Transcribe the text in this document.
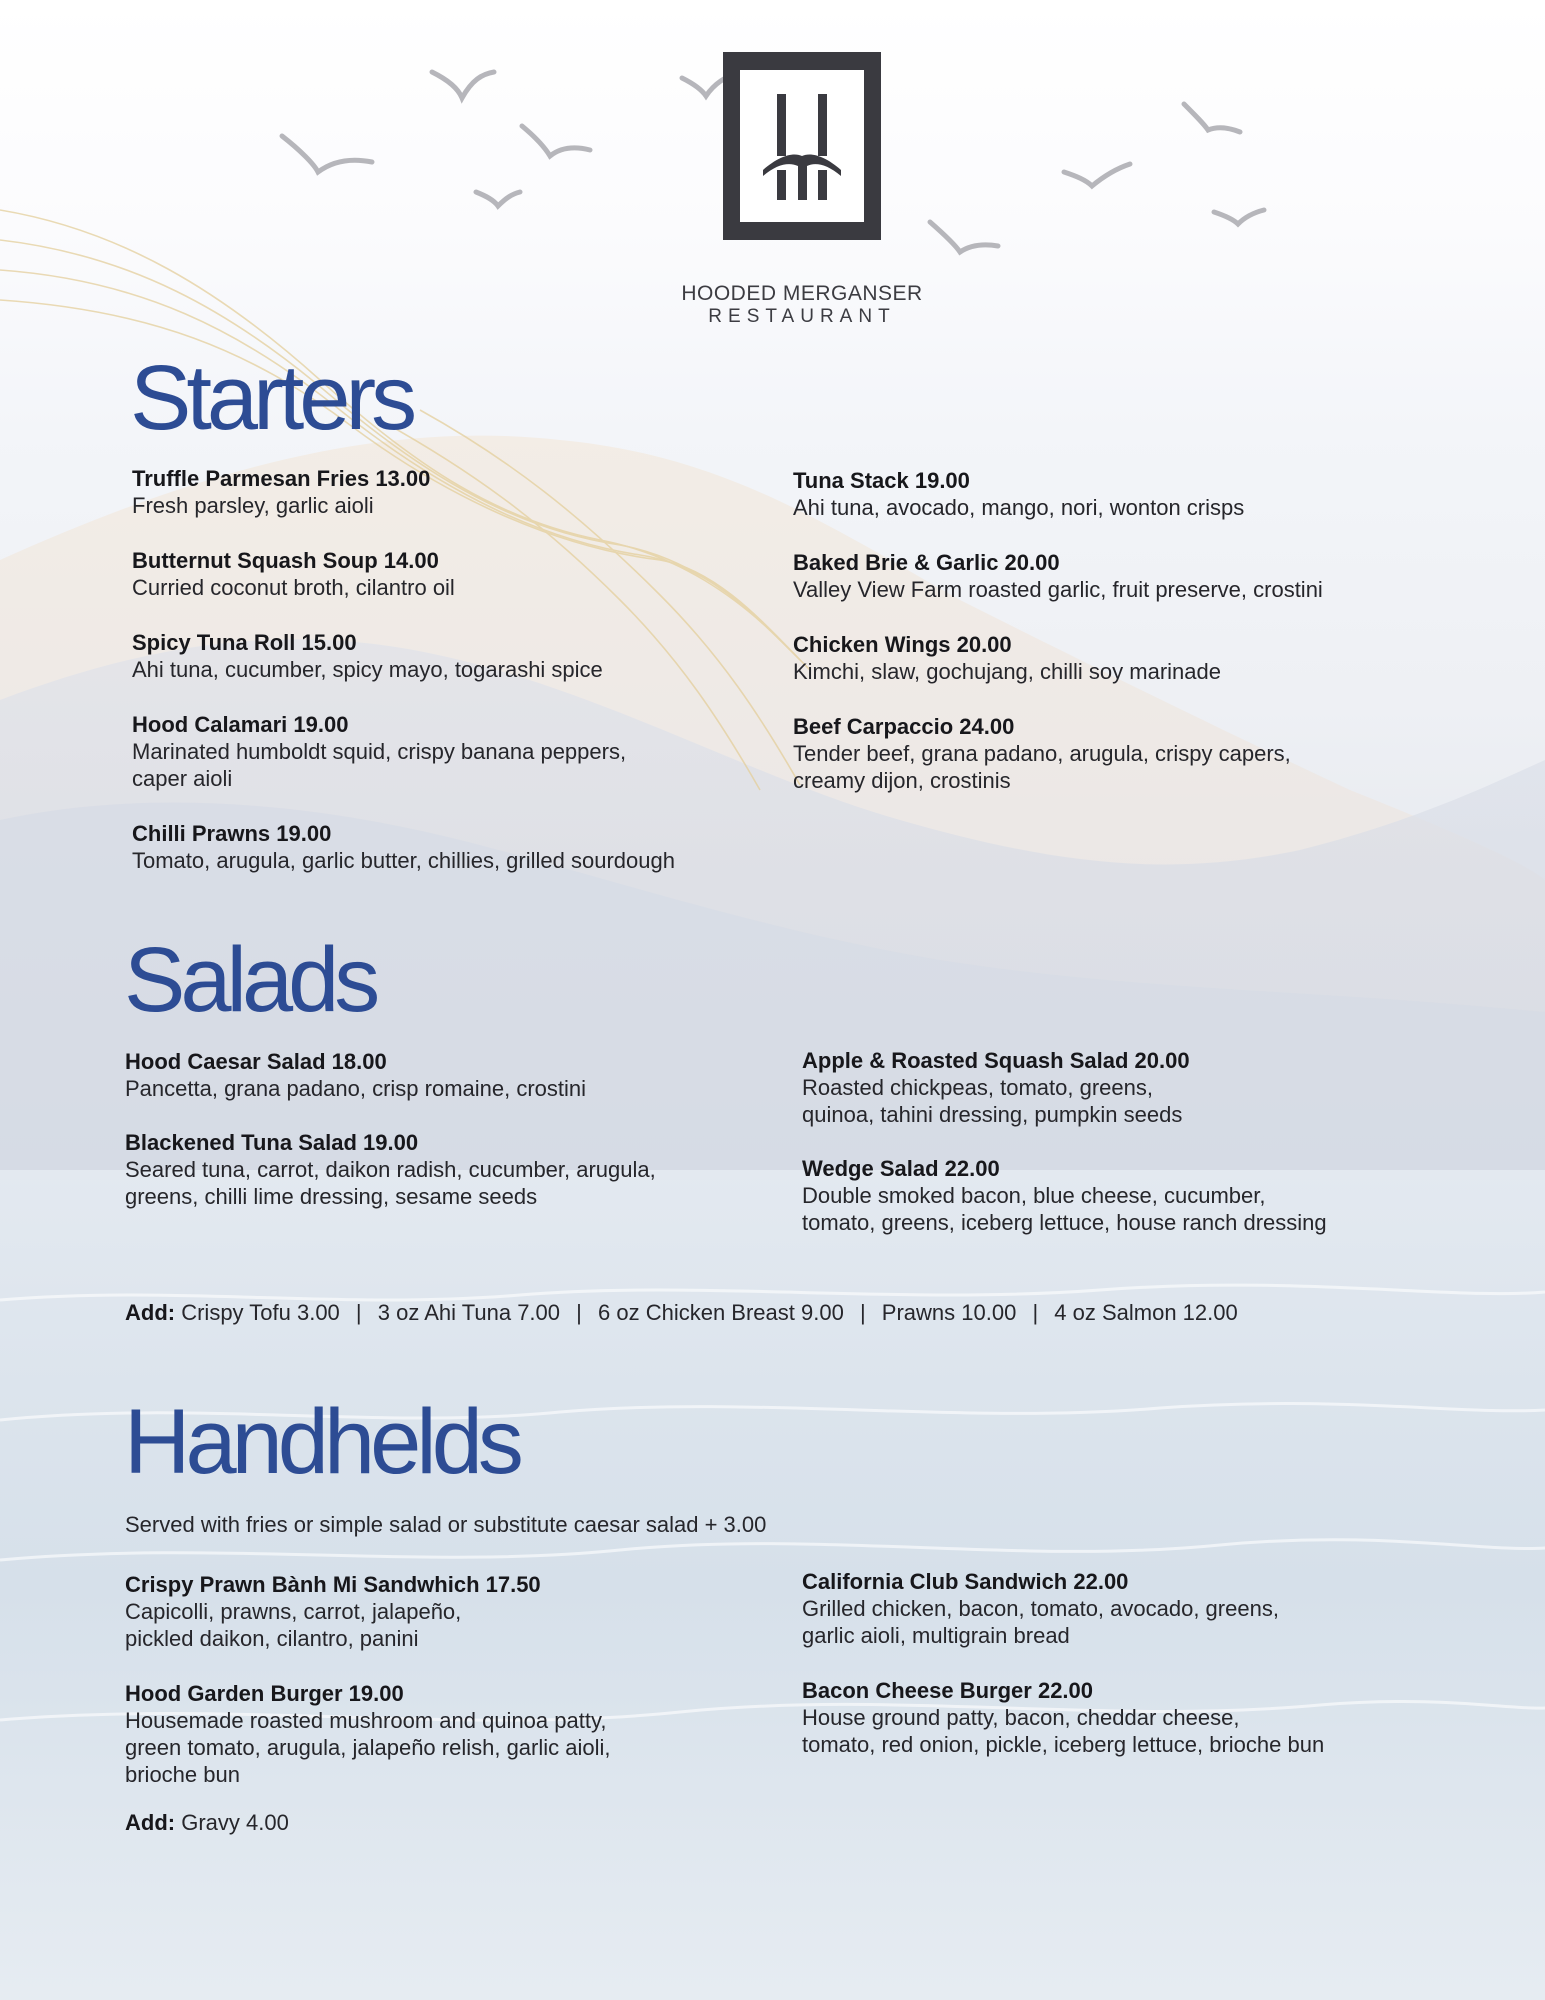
HOODED MERGANSER
RESTAURANT
Starters
Truffle Parmesan Fries 13.00
Fresh parsley, garlic aioli
Butternut Squash Soup 14.00
Curried coconut broth, cilantro oil
Spicy Tuna Roll 15.00
Ahi tuna, cucumber, spicy mayo, togarashi spice
Hood Calamari 19.00
Marinated humboldt squid, crispy banana peppers,
caper aioli
Chilli Prawns 19.00
Tomato, arugula, garlic butter, chillies, grilled sourdough
Tuna Stack 19.00
Ahi tuna, avocado, mango, nori, wonton crisps
Baked Brie & Garlic 20.00
Valley View Farm roasted garlic, fruit preserve, crostini
Chicken Wings 20.00
Kimchi, slaw, gochujang, chilli soy marinade
Beef Carpaccio 24.00
Tender beef, grana padano, arugula, crispy capers,
creamy dijon, crostinis
Salads
Hood Caesar Salad 18.00
Pancetta, grana padano, crisp romaine, crostini
Blackened Tuna Salad 19.00
Seared tuna, carrot, daikon radish, cucumber, arugula,
greens, chilli lime dressing, sesame seeds
Apple & Roasted Squash Salad 20.00
Roasted chickpeas, tomato, greens,
quinoa, tahini dressing, pumpkin seeds
Wedge Salad 22.00
Double smoked bacon, blue cheese, cucumber,
tomato, greens, iceberg lettuce, house ranch dressing
Add: Crispy Tofu 3.00 | 3 oz Ahi Tuna 7.00 | 6 oz Chicken Breast 9.00 | Prawns 10.00 | 4 oz Salmon 12.00
Handhelds
Served with fries or simple salad or substitute caesar salad + 3.00
Crispy Prawn Bành Mi Sandwhich 17.50
Capicolli, prawns, carrot, jalapeño,
pickled daikon, cilantro, panini
Hood Garden Burger 19.00
Housemade roasted mushroom and quinoa patty,
green tomato, arugula, jalapeño relish, garlic aioli,
brioche bun
California Club Sandwich 22.00
Grilled chicken, bacon, tomato, avocado, greens,
garlic aioli, multigrain bread
Bacon Cheese Burger 22.00
House ground patty, bacon, cheddar cheese,
tomato, red onion, pickle, iceberg lettuce, brioche bun
Add: Gravy 4.00
